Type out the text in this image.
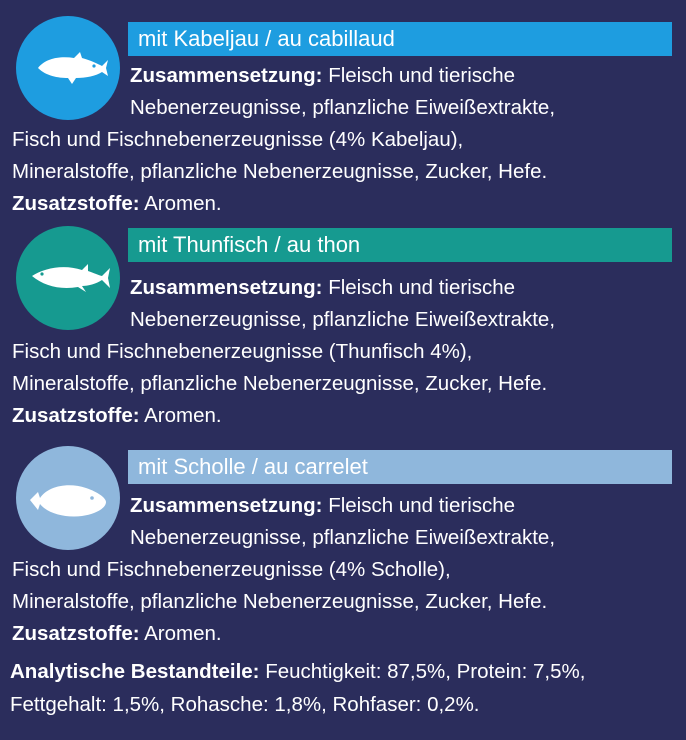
mit Kabeljau / au cabillaud
Zusammensetzung: Fleisch und tierische
Nebenerzeugnisse, pflanzliche Eiweißextrakte,
Fisch und Fischnebenerzeugnisse (4% Kabeljau),
Mineralstoffe, pflanzliche Nebenerzeugnisse, Zucker, Hefe.
Zusatzstoffe: Aromen.
mit Thunfisch / au thon
Zusammensetzung: Fleisch und tierische
Nebenerzeugnisse, pflanzliche Eiweißextrakte,
Fisch und Fischnebenerzeugnisse (Thunfisch 4%),
Mineralstoffe, pflanzliche Nebenerzeugnisse, Zucker, Hefe.
Zusatzstoffe: Aromen.
mit Scholle / au carrelet
Zusammensetzung: Fleisch und tierische
Nebenerzeugnisse, pflanzliche Eiweißextrakte,
Fisch und Fischnebenerzeugnisse (4% Scholle),
Mineralstoffe, pflanzliche Nebenerzeugnisse, Zucker, Hefe.
Zusatzstoffe: Aromen.
Analytische Bestandteile: Feuchtigkeit: 87,5%, Protein: 7,5%,
Fettgehalt: 1,5%, Rohasche: 1,8%, Rohfaser: 0,2%.
